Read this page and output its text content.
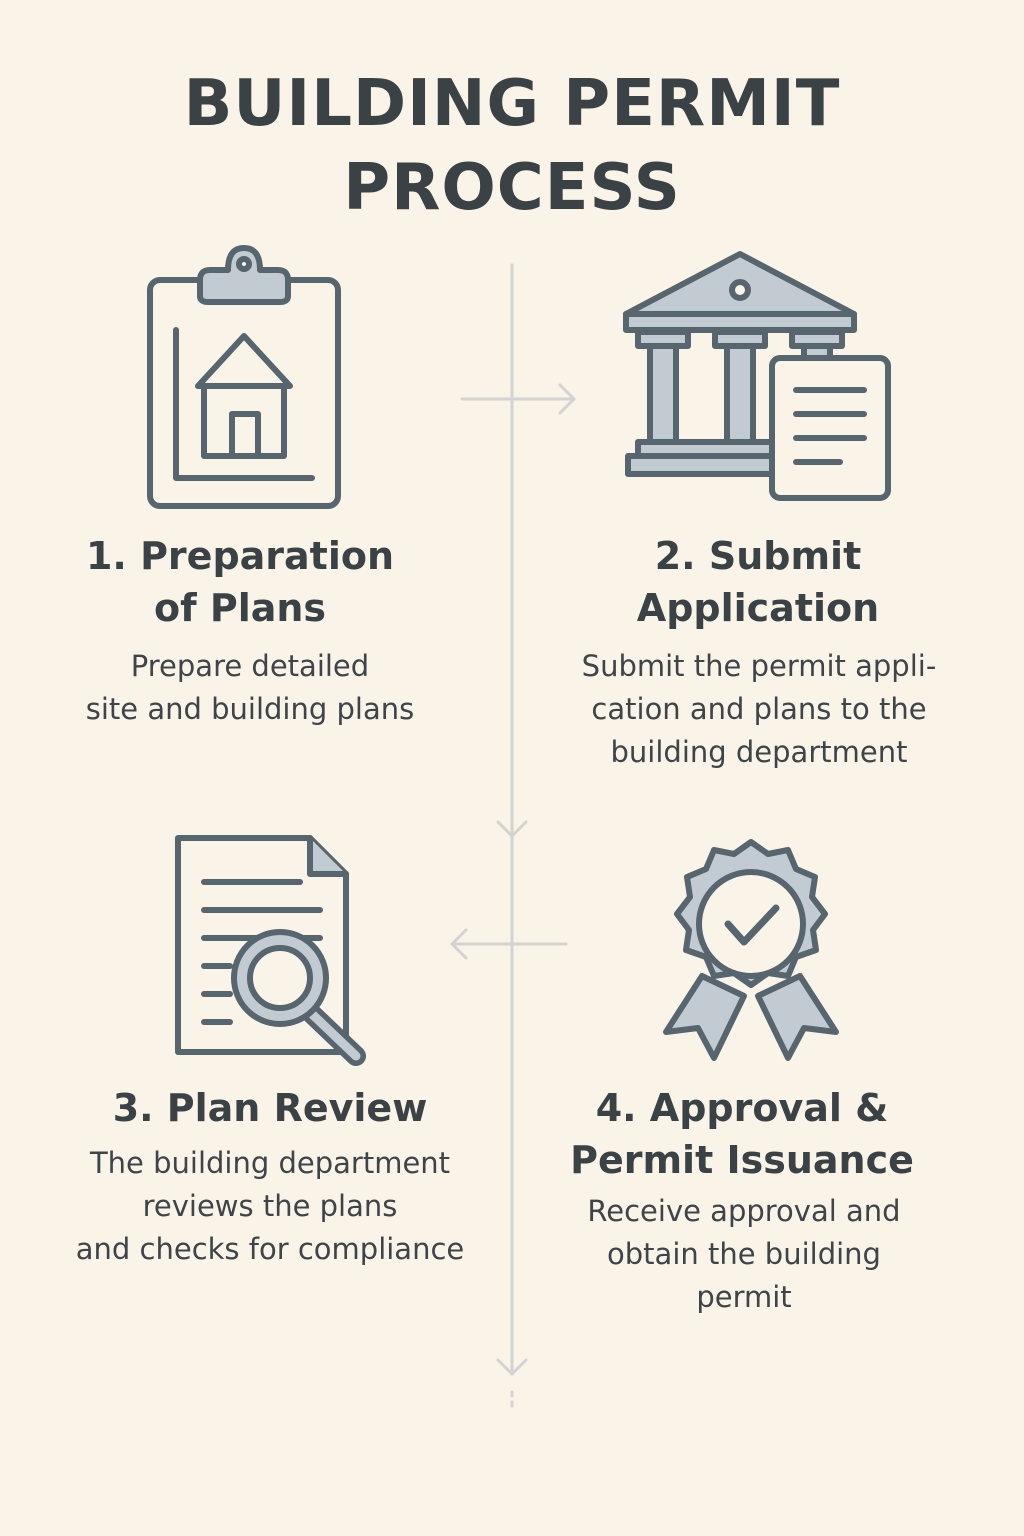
BUILDING PERMIT
PROCESS
1. Preparation
of Plans
Prepare detailed
site and building plans
2. Submit
Application
Submit the permit appli-
cation and plans to the
building department
3. Plan Review
The building department
reviews the plans
and checks for compliance
4. Approval &
Permit Issuance
Receive approval and
obtain the building
permit
